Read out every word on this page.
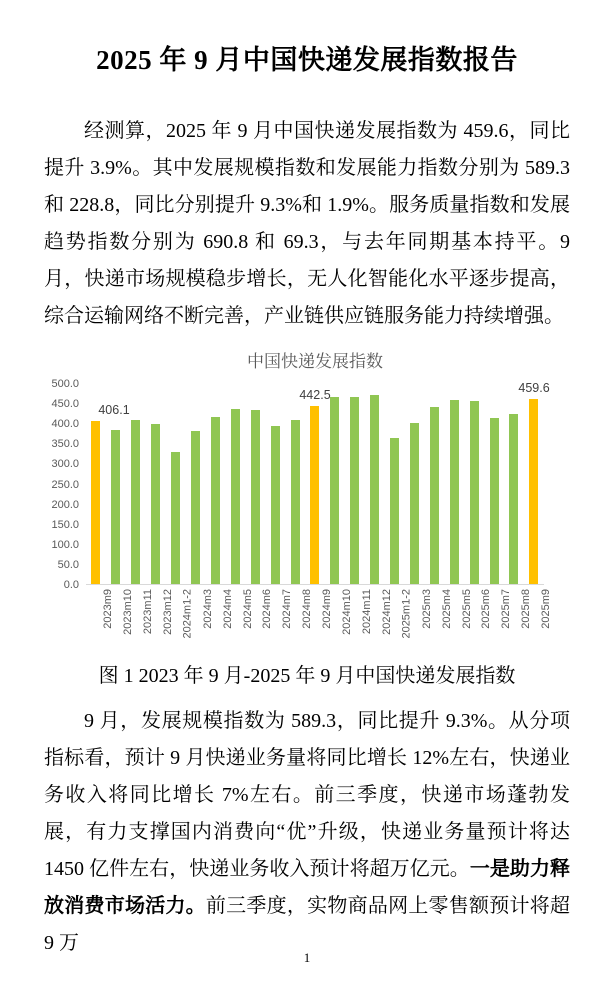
2025 年 9 月中国快递发展指数报告

经测算，2025 年 9 月中国快递发展指数为 459.6，同比提升 3.9%。其中发展规模指数和发展能力指数分别为 589.3 和 228.8，同比分别提升 9.3%和 1.9%。服务质量指数和发展趋势指数分别为 690.8 和 69.3，与去年同期基本持平。9 月，快递市场规模稳步增长，无人化智能化水平逐步提高，综合运输网络不断完善，产业链供应链服务能力持续增强。

中国快递发展指数
500.0
450.0
400.0
350.0
300.0
250.0
200.0
150.0
100.0
50.0
0.0
406.1
442.5	459.6
2023m9 2023m10 2023m11 2023m12 2024m1-2 2024m3 2024m4 2024m5 2024m6 2024m7 2024m8 2024m9 2024m10 2024m11 2024m12 2025m1-2 2025m3 2025m4 2025m5 2025m6 2025m7 2025m8 2025m9
图 1 2023 年 9 月-2025 年 9 月中国快递发展指数

9 月，发展规模指数为 589.3，同比提升 9.3%。从分项指标看，预计 9 月快递业务量将同比增长 12%左右，快递业务收入将同比增长 7%左右。前三季度，快递市场蓬勃发展，有力支撑国内消费向“优”升级，快递业务量预计将达 1450 亿件左右，快递业务收入预计将超万亿元。一是助力释放消费市场活力。前三季度，实物商品网上零售额预计将超 9 万

1
